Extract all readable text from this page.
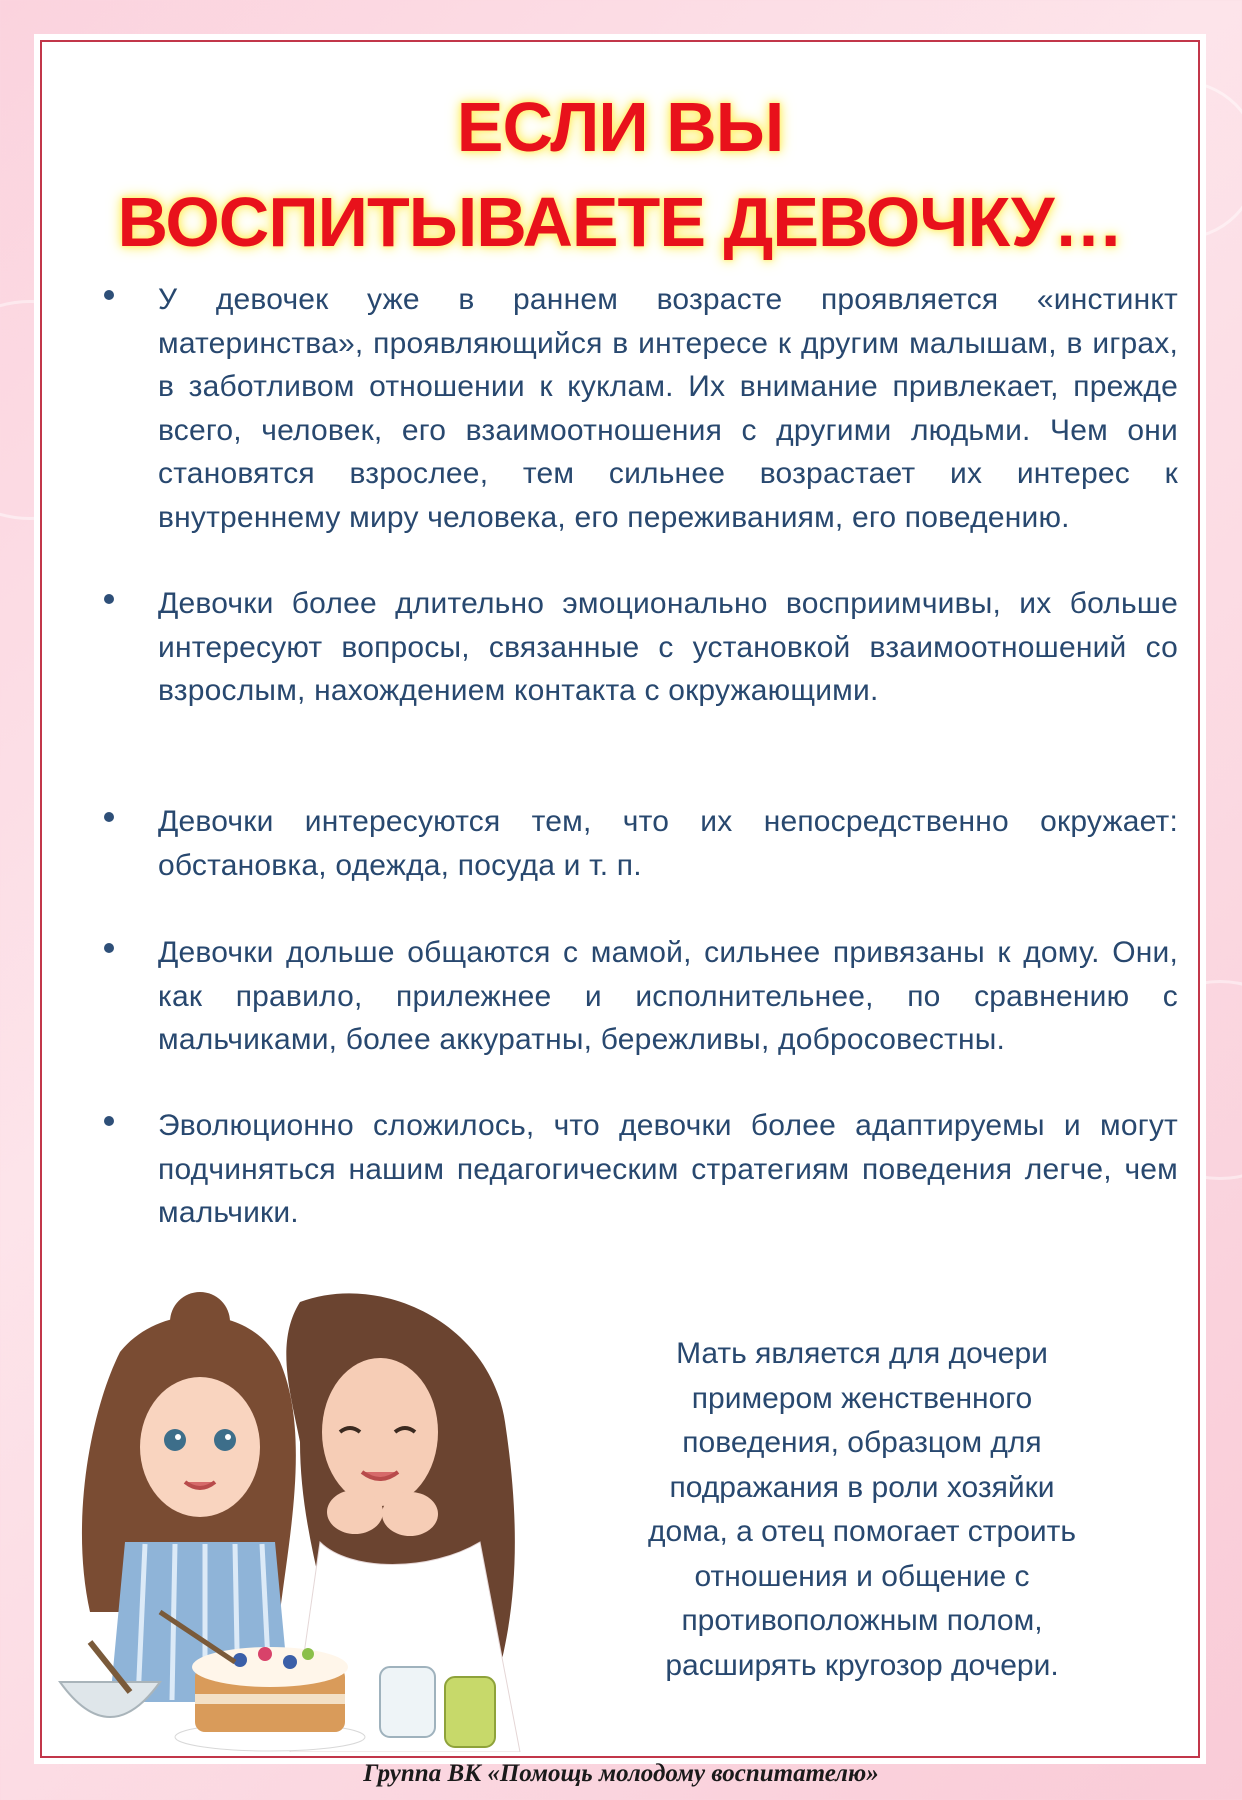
ЕСЛИ ВЫ
ВОСПИТЫВАЕТЕ ДЕВОЧКУ…
У девочек уже в раннем возрасте проявляется «инстинкт материнства», проявляющийся в интересе к другим малышам, в играх, в заботливом отношении к куклам. Их внимание привлекает, прежде всего, человек, его взаимоотношения с другими людьми. Чем они становятся взрослее, тем сильнее возрастает их интерес к внутреннему миру человека, его переживаниям, его поведению.
Девочки более длительно эмоционально восприимчивы, их больше интересуют вопросы, связанные с установкой взаимоотношений со взрослым, нахождением контакта с окружающими.
Девочки интересуются тем, что их непосредственно окружает: обстановка, одежда, посуда и т. п.
Девочки дольше общаются с мамой, сильнее привязаны к дому. Они, как правило, прилежнее и исполнительнее, по сравнению с мальчиками, более аккуратны, бережливы, добросовестны.
Эволюционно сложилось, что девочки более адаптируемы и могут подчиняться нашим педагогическим стратегиям поведения легче, чем мальчики.
Мать является для дочери примером женственного поведения, образцом для подражания в роли хозяйки дома, а отец помогает строить отношения и общение с противоположным полом, расширять кругозор дочери.
Группа ВК «Помощь молодому воспитателю»
